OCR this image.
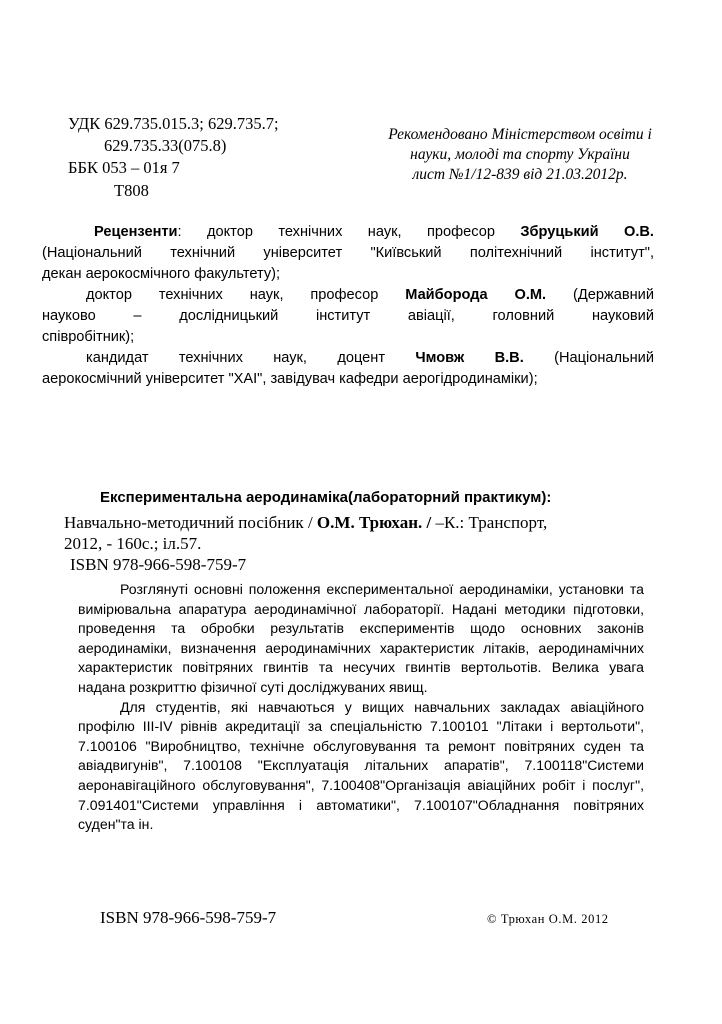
УДК 629.735.015.3; 629.735.7;
629.735.33(075.8)
ББК 053 – 01я 7
Т808
Рекомендовано Міністерством освіти і
науки, молоді та спорту України
лист №1/12-839 від 21.03.2012р.

Рецензенти: доктор технічних наук, професор Збруцький О.В.

(Національний технічний університет "Київський політехнічний інститут",

декан аерокосмічного факультету);

доктор технічних наук, професор Майборода О.М. (Державний

науково – дослідницький інститут авіації, головний науковий

співробітник);

кандидат технічних наук, доцент Чмовж В.В. (Національний

аерокосмічний університет "ХАІ", завідувач кафедри аерогідродинаміки);

Експериментальна аеродинаміка(лабораторний практикум):
Навчально-методичний посібник / О.М. Трюхан. / –К.: Транспорт,
2012, - 160с.; іл.57.
ISBN 978-966-598-759-7

Розглянуті основні положення експериментальної аеродинаміки, установки та вимірювальна апаратура аеродинамічної лабораторії. Надані методики підготовки, проведення та обробки результатів експериментів щодо основних законів аеродинаміки, визначення аеродинамічних характеристик літаків, аеродинамічних характеристик повітряних гвинтів та несучих гвинтів вертольотів. Велика увага надана розкриттю фізичної суті досліджуваних явищ.

Для студентів, які навчаються у вищих навчальних закладах авіаційного профілю ІІІ-IV рівнів акредитації за спеціальністю 7.100101 "Літаки і вертольоти", 7.100106 "Виробництво, технічне обслуговування та ремонт повітряних суден та авіадвигунів", 7.100108 "Експлуатація літальних апаратів", 7.100118"Системи аеронавігаційного обслуговування", 7.100408"Організація авіаційних робіт і послуг", 7.091401"Системи управління і автоматики", 7.100107"Обладнання повітряних суден"та ін.

ISBN 978-966-598-759-7	© Трюхан О.М. 2012
